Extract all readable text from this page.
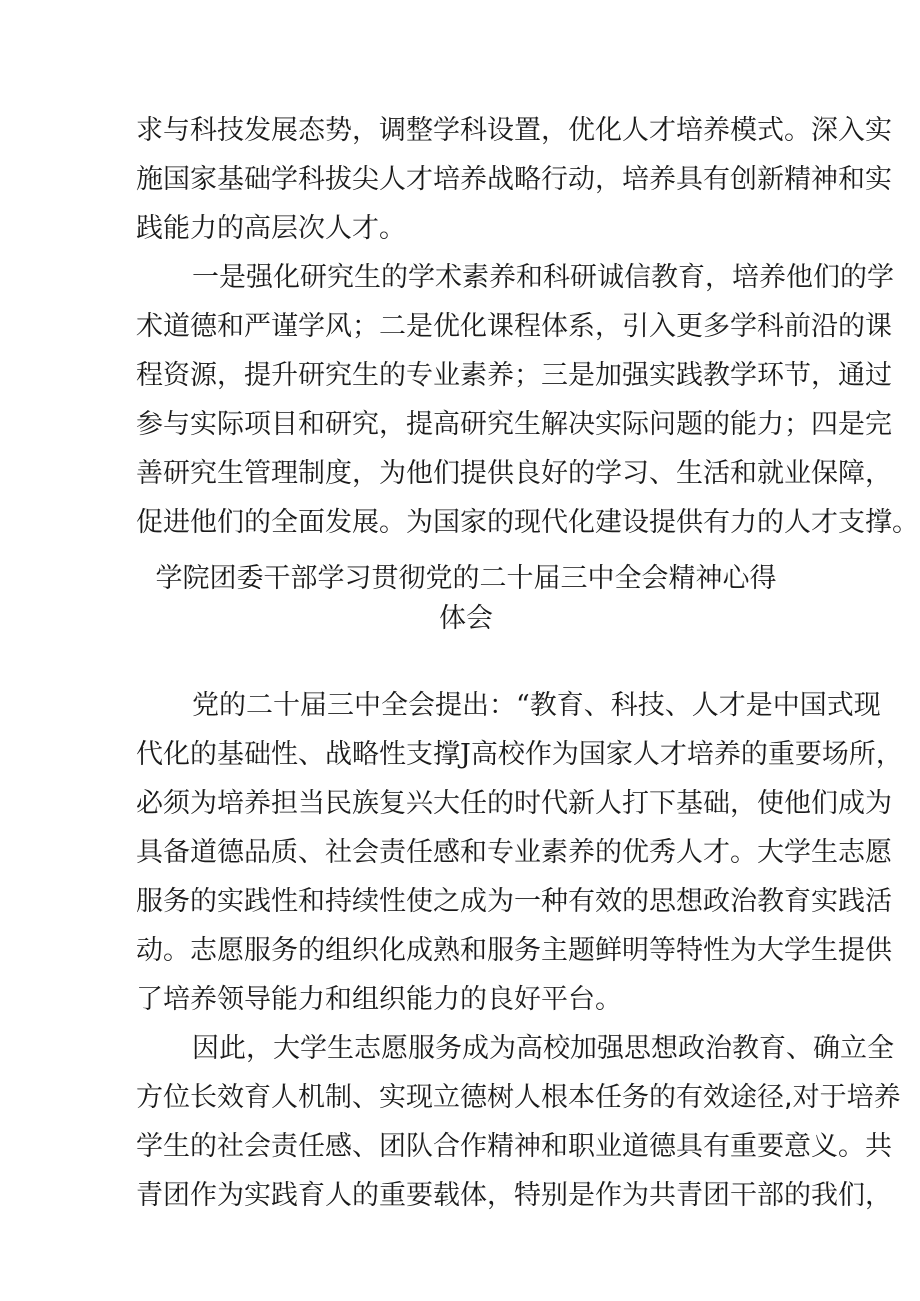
求与科技发展态势，调整学科设置，优化人才培养模式。深入实
施国家基础学科拔尖人才培养战略行动，培养具有创新精神和实
践能力的高层次人才。
一是强化研究生的学术素养和科研诚信教育，培养他们的学
术道德和严谨学风；二是优化课程体系，引入更多学科前沿的课
程资源，提升研究生的专业素养；三是加强实践教学环节，通过
参与实际项目和研究，提高研究生解决实际问题的能力；四是完
善研究生管理制度，为他们提供良好的学习、生活和就业保障，
促进他们的全面发展。为国家的现代化建设提供有力的人才支撑。
学院团委干部学习贯彻党的二十届三中全会精神心得
体会
党的二十届三中全会提出：“教育、科技、人才是中国式现
代化的基础性、战略性支撑J高校作为国家人才培养的重要场所，
必须为培养担当民族复兴大任的时代新人打下基础，使他们成为
具备道德品质、社会责任感和专业素养的优秀人才。大学生志愿
服务的实践性和持续性使之成为一种有效的思想政治教育实践活
动。志愿服务的组织化成熟和服务主题鲜明等特性为大学生提供
了培养领导能力和组织能力的良好平台。
因此，大学生志愿服务成为高校加强思想政治教育、确立全
方位长效育人机制、实现立德树人根本任务的有效途径,对于培养
学生的社会责任感、团队合作精神和职业道德具有重要意义。共
青团作为实践育人的重要载体，特别是作为共青团干部的我们，
